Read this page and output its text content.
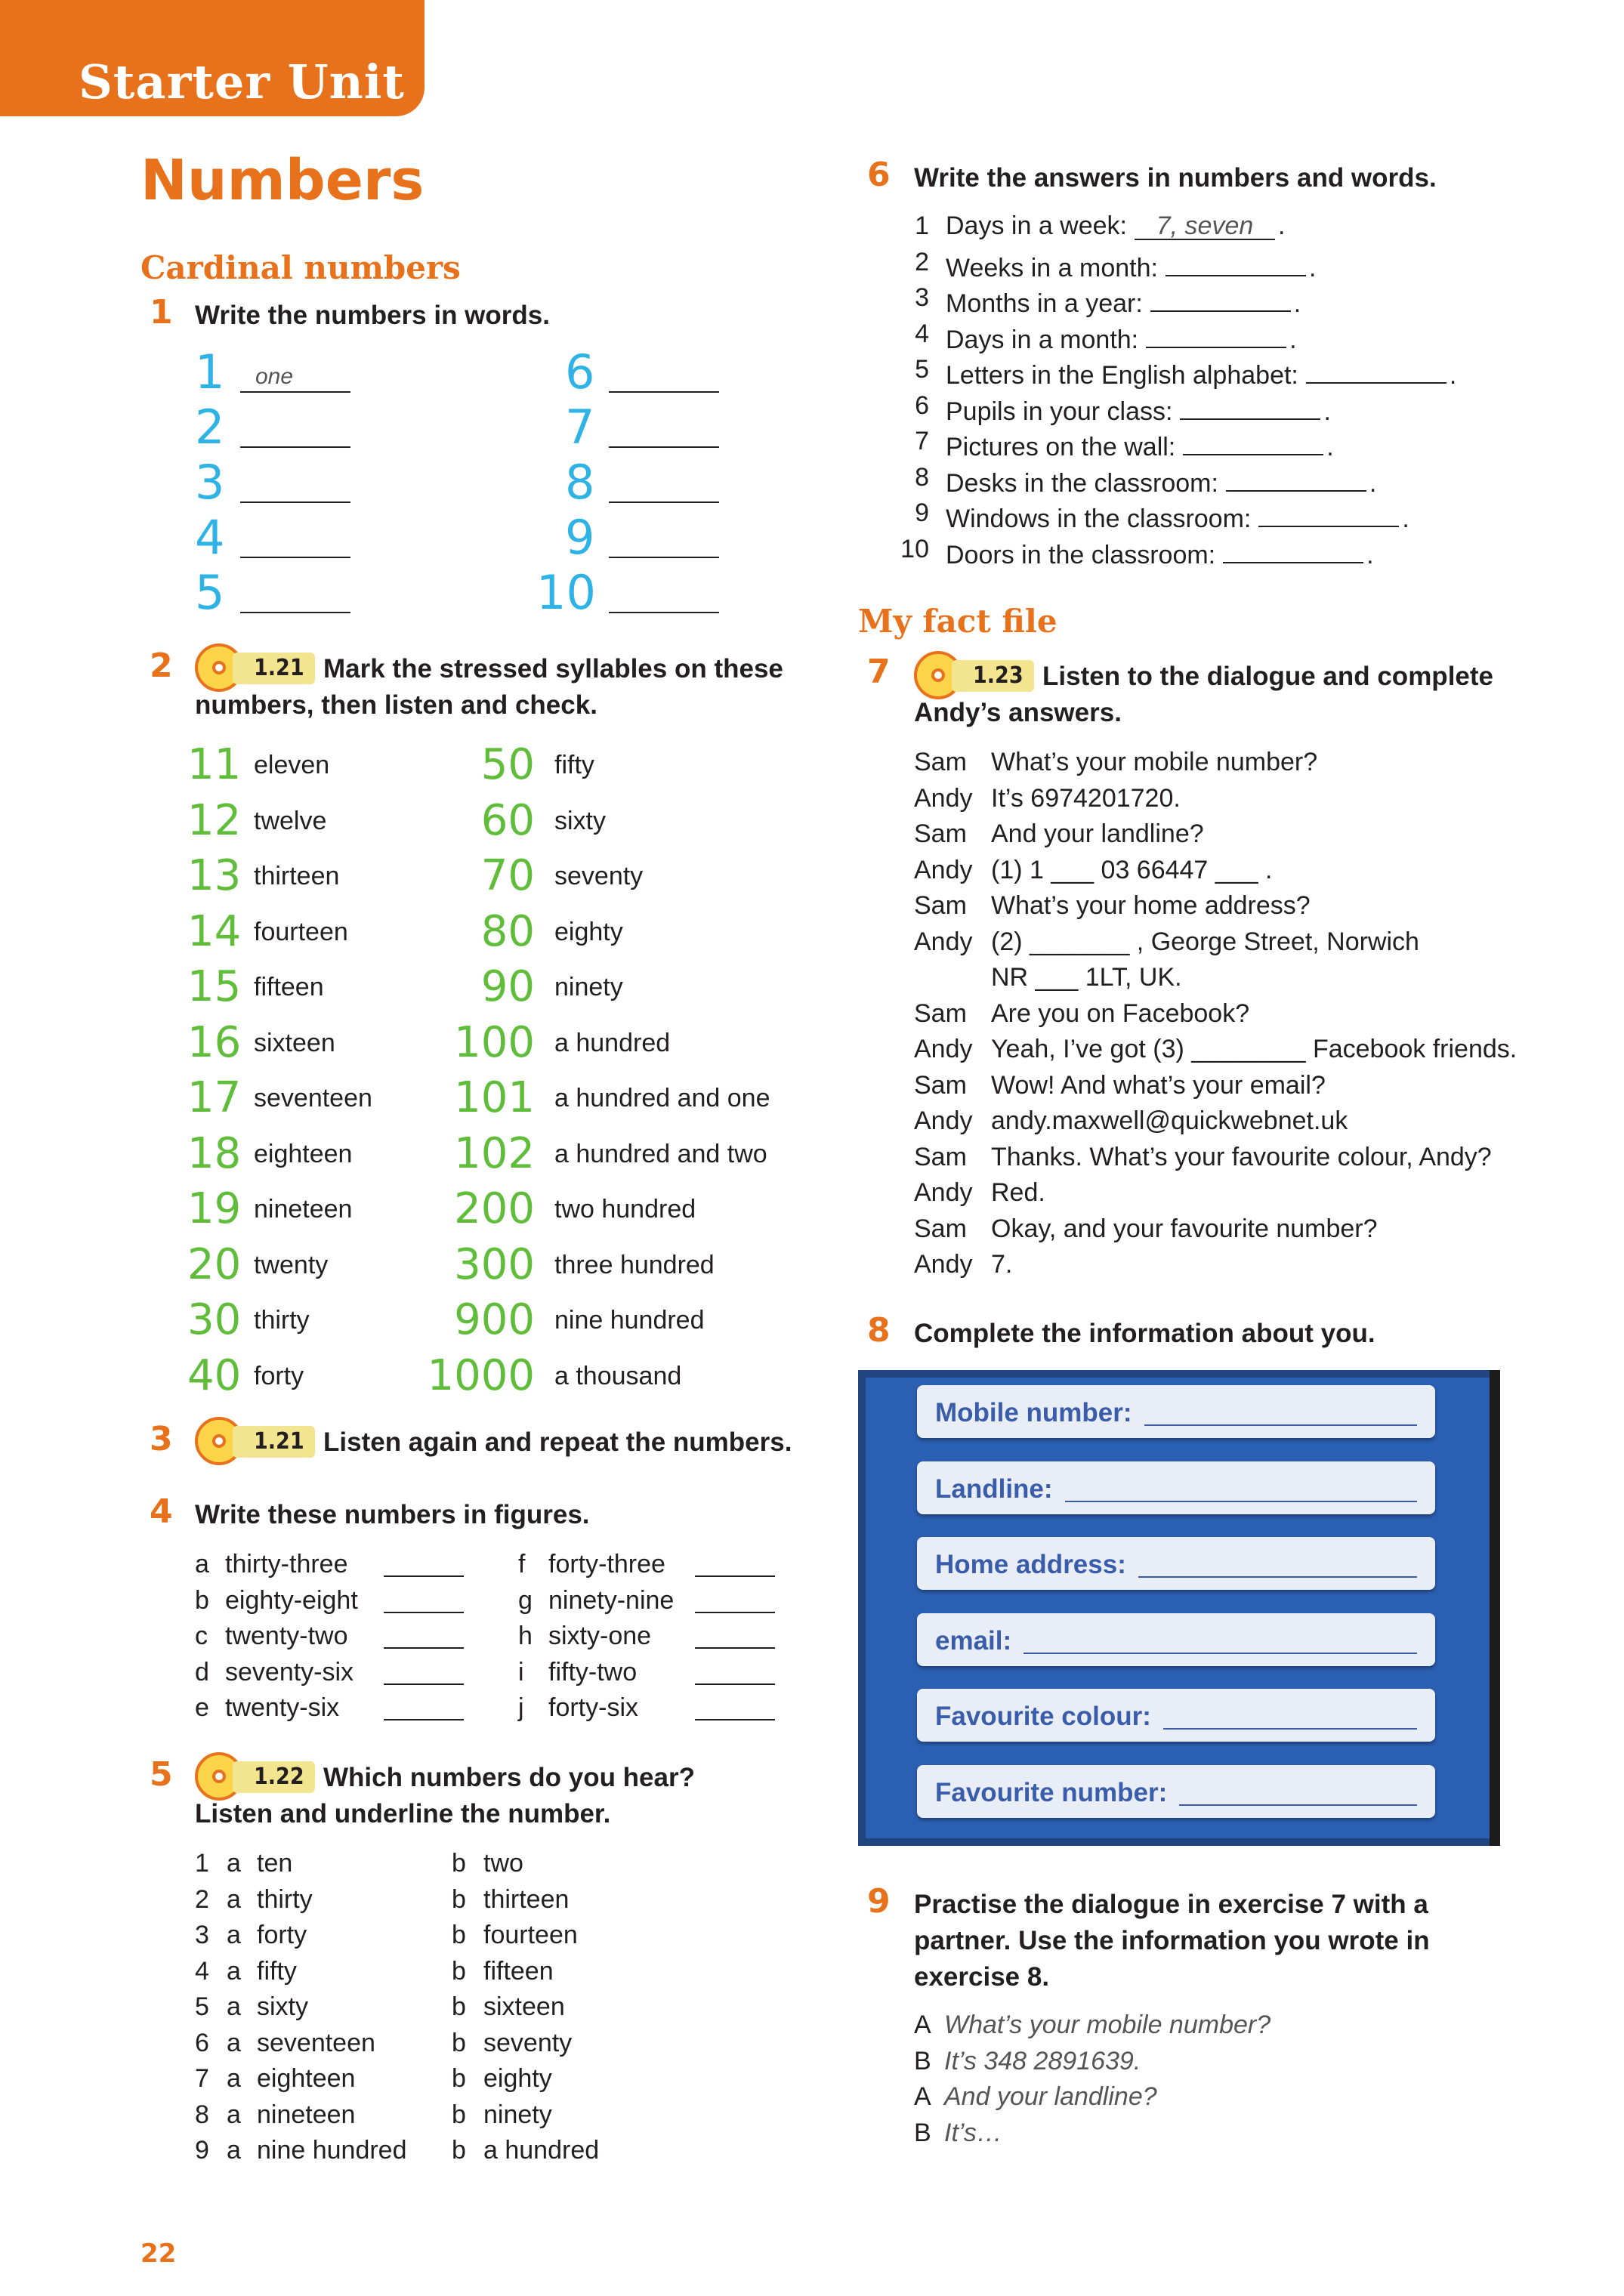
Starter Unit
Numbers
Cardinal numbers
1 Write the numbers in words.
1 one
2
3
4
5
6
7
8
9
10
2	1.21 Mark the stressed syllables on these
numbers, then listen and check.
11 eleven
12 twelve
13 thirteen
14 fourteen
15 fifteen
16 sixteen
17 seventeen
18 eighteen
19 nineteen
20 twenty
30 thirty
40 forty
50 fifty
60 sixty
70 seventy
80 eighty
90 ninety
100 a hundred
101 a hundred and one
102 a hundred and two
200 two hundred
300 three hundred
900 nine hundred
1000 a thousand
3	1.21 Listen again and repeat the numbers.
4 Write these numbers in figures.
a thirty-three
b eighty-eight
c twenty-two
d seventy-six
e twenty-six
f forty-three
g ninety-nine
h sixty-one
i fifty-two
j forty-six
5	1.22 Which numbers do you hear?
Listen and underline the number.
1 a ten	b two
2 a thirty	b thirteen
3 a forty	b fourteen
4 a fifty	b fifteen
5 a sixty	b sixteen
6 a seventeen	b seventy
7 a eighteen	b eighty
8 a nineteen	b ninety
9 a nine hundred b a hundred
6 Write the answers in numbers and words.
1 Days in a week: 7, seven .
2 Weeks in a month:	.
3 Months in a year:	.
4 Days in a month:	.
5 Letters in the English alphabet:	.
6 Pupils in your class:	.
7 Pictures on the wall:	.
8 Desks in the classroom:	.
9 Windows in the classroom:	.
10 Doors in the classroom:	.
My fact file
7	1.23 Listen to the dialogue and complete
Andy’s answers.
Sam What’s your mobile number?
Andy It’s 6974201720.
Sam And your landline?
Andy (1) 1 ___ 03 66447 ___ .
Sam What’s your home address?
Andy (2) _______ , George Street, Norwich
NR ___ 1LT, UK.
Sam Are you on Facebook?
Andy Yeah, I’ve got (3) ________ Facebook friends.
Sam Wow! And what’s your email?
Andy andy.maxwell@quickwebnet.uk
Sam Thanks. What’s your favourite colour, Andy?
Andy Red.
Sam Okay, and your favourite number?
Andy 7.
8 Complete the information about you.
Mobile number:
Landline:
Home address:
email:
Favourite colour:
Favourite number:
9 Practise the dialogue in exercise 7 with a
partner. Use the information you wrote in
exercise 8.
A What’s your mobile number?
B It’s 348 2891639.
A And your landline?
B It’s…
22
